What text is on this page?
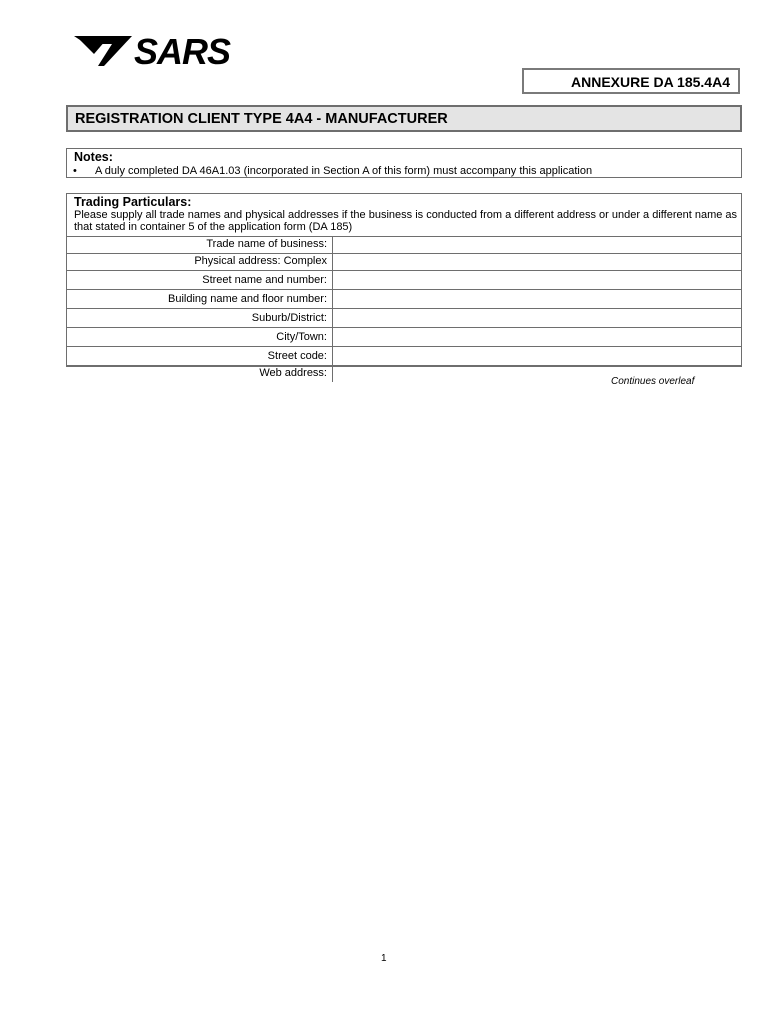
SARS
ANNEXURE DA 185.4A4
REGISTRATION CLIENT TYPE 4A4 - MANUFACTURER
Notes:
• A duly completed DA 46A1.03 (incorporated in Section A of this form) must accompany this application
Trading Particulars:
Please supply all trade names and physical addresses if the business is conducted from a different address or under a different name as that stated in container 5 of the application form (DA 185)
Trade name of business:
Physical address: Complex
Street name and number:
Building name and floor number:
Suburb/District:
City/Town:
Street code:
Web address:
Continues overleaf
1
